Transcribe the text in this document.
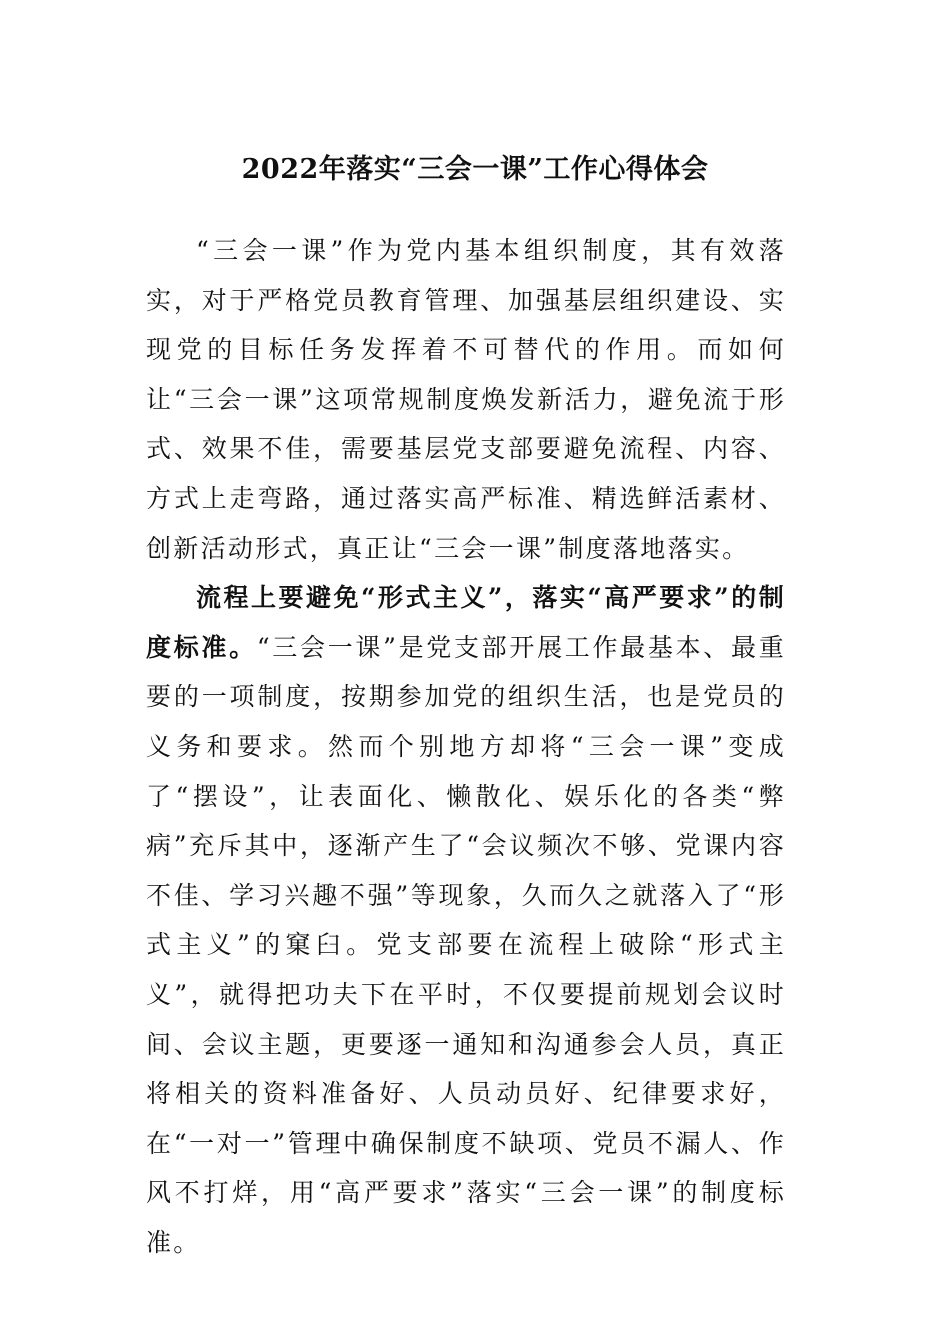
2022年落实“三会一课”工作心得体会

“三会一课”作为党内基本组织制度，其有效落实，对于严格党员教育管理、加强基层组织建设、实现党的目标任务发挥着不可替代的作用。而如何让“三会一课”这项常规制度焕发新活力，避免流于形式、效果不佳，需要基层党支部要避免流程、内容、方式上走弯路，通过落实高严标准、精选鲜活素材、创新活动形式，真正让“三会一课”制度落地落实。

流程上要避免“形式主义”，落实“高严要求”的制度标准。“三会一课”是党支部开展工作最基本、最重要的一项制度，按期参加党的组织生活，也是党员的义务和要求。然而个别地方却将“三会一课”变成了“摆设”，让表面化、懒散化、娱乐化的各类“弊病”充斥其中，逐渐产生了“会议频次不够、党课内容不佳、学习兴趣不强”等现象，久而久之就落入了“形式主义”的窠臼。党支部要在流程上破除“形式主义”，就得把功夫下在平时，不仅要提前规划会议时间、会议主题，更要逐一通知和沟通参会人员，真正将相关的资料准备好、人员动员好、纪律要求好，在“一对一”管理中确保制度不缺项、党员不漏人、作风不打烊，用“高严要求”落实“三会一课”的制度标准。
